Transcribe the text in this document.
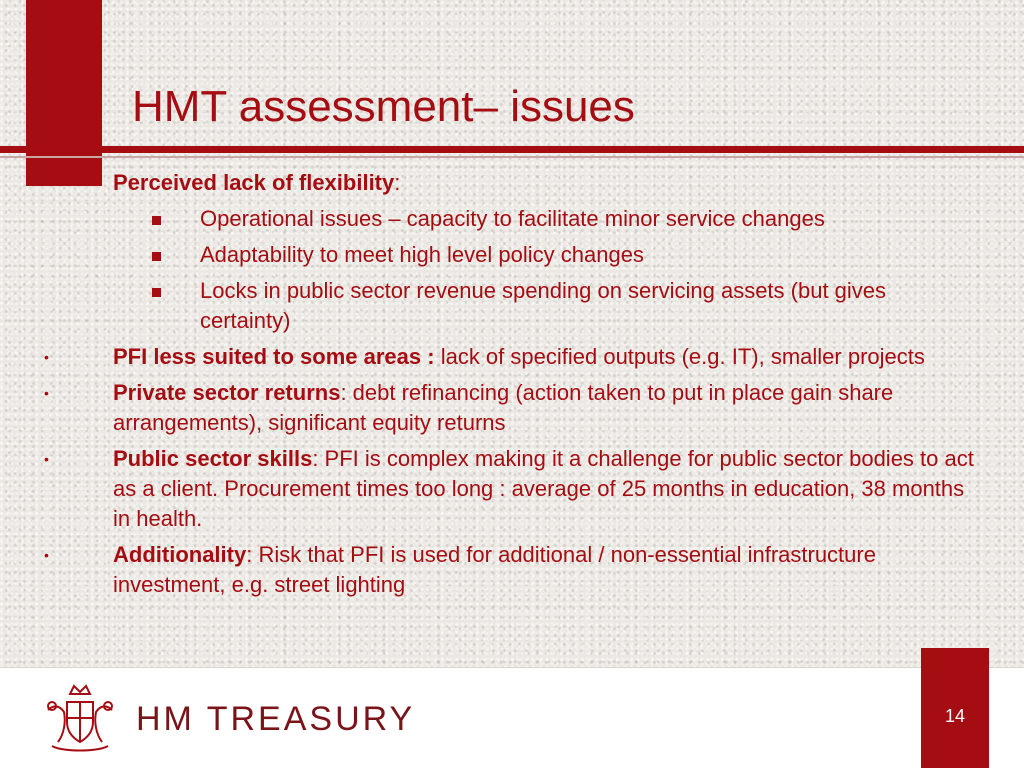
HMT assessment– issues

Perceived lack of flexibility:

Operational issues – capacity to facilitate minor service changes
Adaptability to meet high level policy changes
Locks in public sector revenue spending on servicing assets (but gives certainty)
•	PFI less suited to some areas : lack of specified outputs (e.g. IT), smaller projects
•	Private sector returns: debt refinancing (action taken to put in place gain share arrangements), significant equity returns
•	Public sector skills: PFI is complex making it a challenge for public sector bodies to act as a client. Procurement times too long : average of 25 months in education, 38 months in health.
•	Additionality: Risk that PFI is used for additional / non-essential infrastructure investment, e.g. street lighting
HM TREASURY	14
